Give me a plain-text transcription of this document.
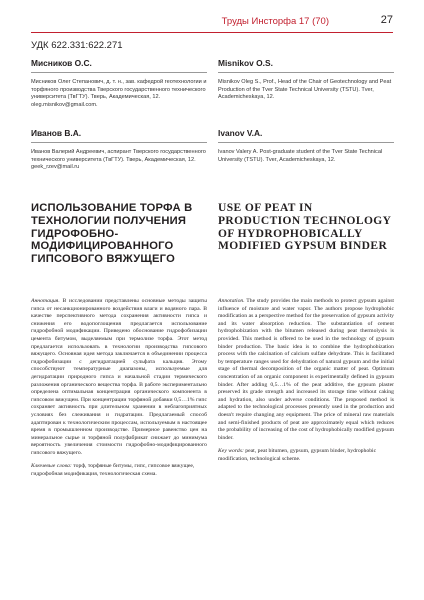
Труды Инсторфа 17 (70)	27
УДК 622.331:622.271
Мисников О.С.
Мисников Олег Степанович, д. т. н., зав. кафедрой геотехнологии и торфяного производства Тверского государственного технического университета (ТвГТУ). Тверь, Академическая, 12. oleg.misnikov@gmail.com.
Misnikov O.S.
Misnikov Oleg S., Prof., Head of the Chair of Geotechnology and Peat Production of the Tver State Technical University (TSTU). Tver, Academicheskaya, 12.
Иванов В.А.
Иванов Валерий Андреевич, аспирант Тверского государственного технического университета (ТвГТУ). Тверь, Академическая, 12. geek_rzev@mail.ru
Ivanov V.A.
Ivanov Valery A. Post-graduate student of the Tver State Technical University (TSTU). Tver, Academicheskaya, 12.
ИСПОЛЬЗОВАНИЕ ТОРФА В ТЕХНОЛОГИИ ПОЛУЧЕНИЯ ГИДРОФОБНО-МОДИФИЦИРОВАННОГО ГИПСОВОГО ВЯЖУЩЕГО
USE OF PEAT IN PRODUCTION TECHNOLOGY OF HYDROPHOBICALLY MODIFIED GYPSUM BINDER
Аннотация. В исследовании представлены основные методы защиты гипса от несанкционированного воздействия влаги и водяного пара. В качестве перспективного метода сохранения активности гипса и снижения его водопоглощения предлагается использование гидрофобной модификации. Приведено обоснование гидрофобизации цемента битумом, выделяемым при термолизе торфа. Этот метод предлагается использовать в технологии производства гипсового вяжущего. Основная идея метода заключается в объединении процесса гидрофобизации с дегидратацией сульфата кальция. Этому способствуют температурные диапазоны, используемые для дегидратации природного гипса и начальной стадии термического разложения органического вещества торфа. В работе экспериментально определена оптимальная концентрация органического компонента в гипсовом вяжущем. При концентрации торфяной добавки 0,5…1% гипс сохраняет активность при длительном хранении в неблагоприятных условиях без слеживания и гидратации. Предлагаемый способ адаптирован к технологическим процессам, используемым в настоящее время в промышленном производстве. Примерное равенство цен на минеральное сырье и торфяной полуфабрикат снижает до минимума вероятность увеличения стоимости гидрофобно-модифицированного гипсового вяжущего.
Ключевые слова: торф, торфяные битумы, гипс, гипсовое вяжущее, гидрофобная модификация, технологическая схема.
Annotation. The study provides the main methods to protect gypsum against influence of moisture and water vapor. The authors propose hydrophobic modification as a perspective method for the preservation of gypsum activity and its water absorption reduction. The substantiation of cement hydrophobization with the bitumen released during peat thermolysis is provided. This method is offered to be used in the technology of gypsum binder production. The basic idea is to combine the hydrophobization process with the calcination of calcium sulfate dehydrate. This is facilitated by temperature ranges used for dehydration of natural gypsum and the initial stage of thermal decomposition of the organic matter of peat. Optimum concentration of an organic component is experimentally defined in gypsum binder. After adding 0,5…1% of the peat additive, the gypsum plaster preserved its grade strength and increased its storage time without caking and hydration, also under adverse conditions. The proposed method is adapted to the technological processes presently used in the production and doesn't require changing any equipment. The price of mineral raw materials and semi-finished products of peat are approximately equal which reduces the probability of increasing of the cost of hydrophobically modified gypsum binder.
Key words: peat, peat bitumen, gypsum, gypsum binder, hydrophobic modification, technological scheme.
